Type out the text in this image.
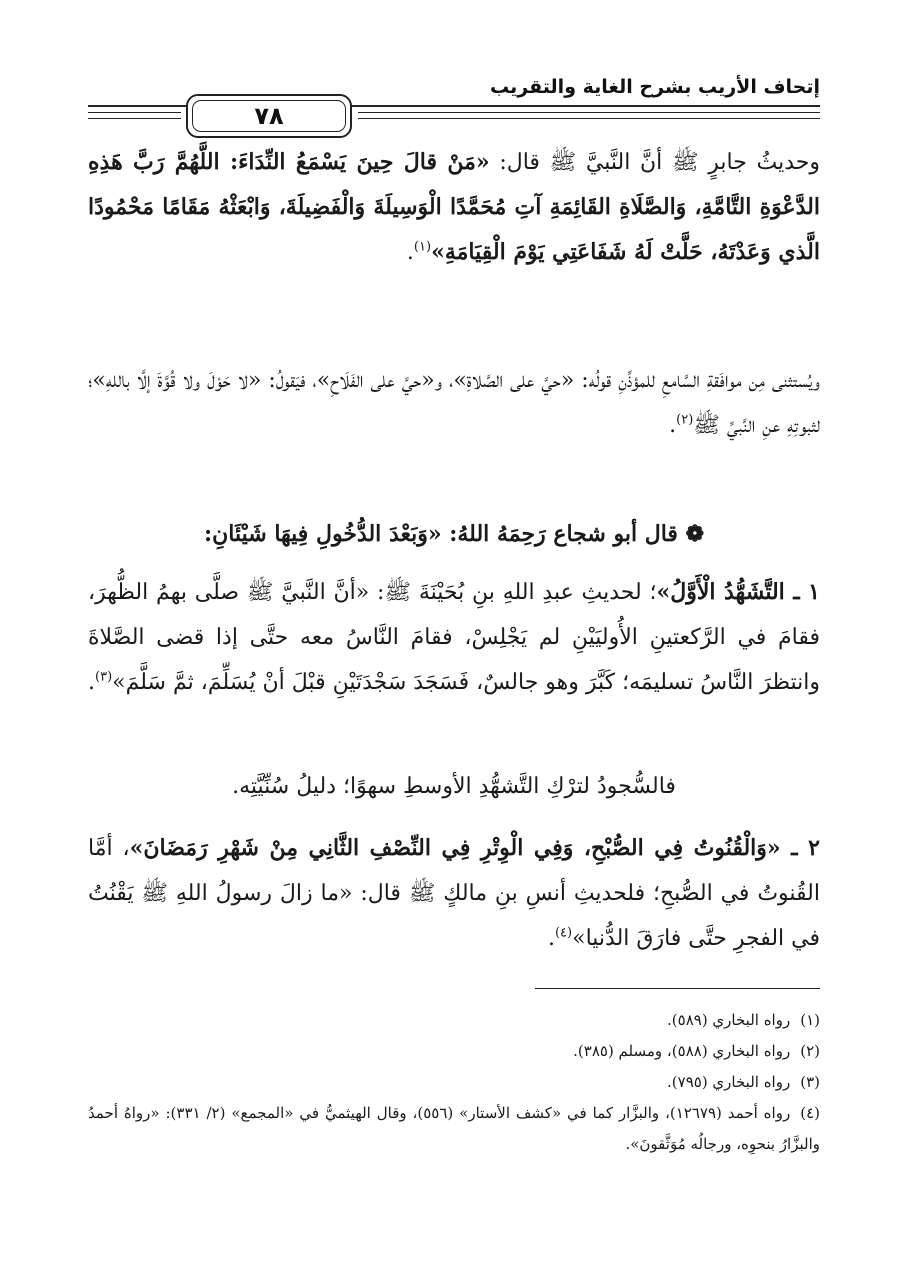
إتحاف الأريب بشرح الغاية والتقريب
٧٨

وحديثُ جابرٍ ﷺ أنَّ النَّبيَّ ﷺ قال: «مَنْ قالَ حِينَ يَسْمَعُ النِّدَاءَ: اللَّهُمَّ رَبَّ هَذِهِ الدَّعْوَةِ التَّامَّةِ، وَالصَّلَاةِ القَائِمَةِ آتِ مُحَمَّدًا الْوَسِيلَةَ وَالْفَضِيلَةَ، وَابْعَثْهُ مَقَامًا مَحْمُودًا الَّذي وَعَدْتَهُ، حَلَّتْ لَهُ شَفَاعَتِي يَوْمَ الْقِيَامَةِ»$^{(١)}$.

ويُستثنى مِن موافَقةِ السَّامعِ للمؤذِّنِ قولُه: «حيَّ على الصَّلاةِ»، و«حيَّ على الفَلَاحِ»، فيَقولُ: «لا حَوْلَ ولا قُوَّةَ إلَّا باللهِ»؛ لثبوتِهِ عنِ النَّبيِّ ﷺ$^{(٢)}$.

❁ قال أبو شجاع رَحِمَهُ اللهُ: «وَبَعْدَ الدُّخُولِ فِيهَا شَيْئَانِ:

١ ـ التَّشَهُّدُ الْأَوَّلُ»؛ لحديثِ عبدِ اللهِ بنِ بُحَيْنَةَ ﷺ: «أنَّ النَّبيَّ ﷺ صلَّى بهمُ الظُّهرَ، فقامَ في الرَّكعتينِ الأُوليَيْنِ لم يَجْلِسْ، فقامَ النَّاسُ معه حتَّى إذا قضى الصَّلاةَ وانتظرَ النَّاسُ تسليمَه؛ كَبَّرَ وهو جالسٌ، فَسَجَدَ سَجْدَتَيْنِ قبْلَ أنْ يُسَلِّمَ، ثمَّ سَلَّمَ»$^{(٣)}$.

فالسُّجودُ لترْكِ التَّشهُّدِ الأوسطِ سهوًا؛ دليلُ سُنِّيَّتِه.

٢ ـ «وَالْقُنُوتُ فِي الصُّبْحِ، وَفِي الْوِتْرِ فِي النِّصْفِ الثَّانِي مِنْ شَهْرِ رَمَضَانَ»، أمَّا القُنوتُ في الصُّبحِ؛ فلحديثِ أنسِ بنِ مالكٍ ﷺ قال: «ما زالَ رسولُ اللهِ ﷺ يَقْنُتُ في الفجرِ حتَّى فارَقَ الدُّنيا»$^{(٤)}$.

(١)رواه البخاري (٥٨٩).

(٢)رواه البخاري (٥٨٨)، ومسلم (٣٨٥).

(٣)رواه البخاري (٧٩٥).

(٤)رواه أحمد (١٢٦٧٩)، والبزَّار كما في «كشف الأستار» (٥٥٦)، وقال الهيثميُّ في «المجمع» (٢/ ٣٣١): «رواهُ أحمدُ والبزَّارُ بنحوِه، ورجالُه مُوَثَّقونَ».
